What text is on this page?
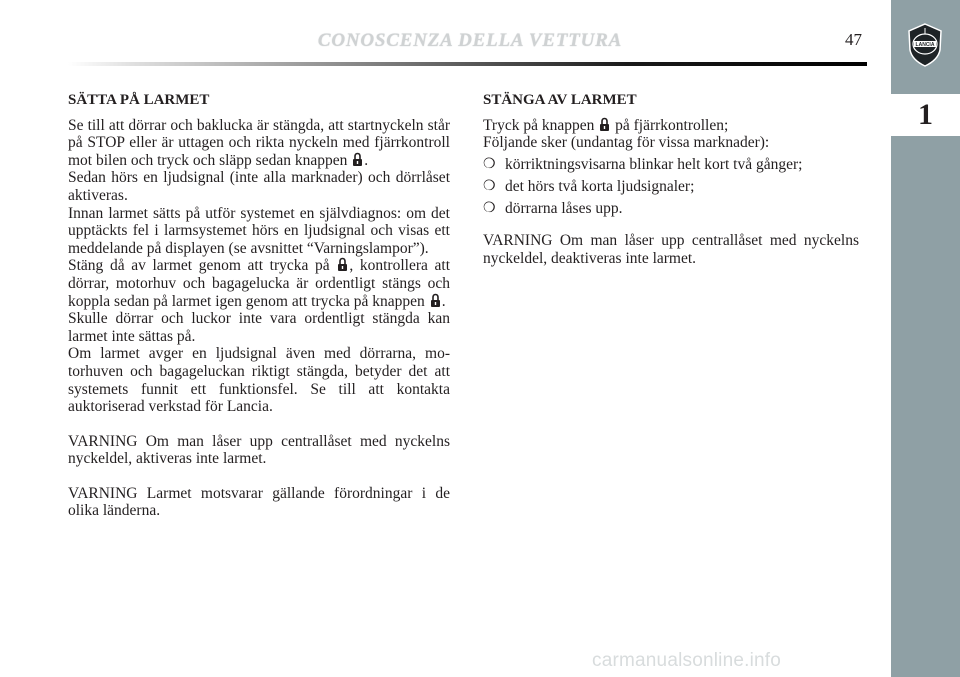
LANCIA
1
CONOSCENZA DELLA VETTURA	47
SÄTTA PÅ LARMET

Se till att dörrar och baklucka är stängda, att startnyckeln står på STOP eller är uttagen och rikta nyckeln med fjärrkontroll mot bilen och tryck och släpp sedan knappen .

Sedan hörs en ljudsignal (inte alla marknader) och dörrlåset aktiveras.

Innan larmet sätts på utför systemet en självdiagnos: om det upptäckts fel i larmsystemet hörs en ljudsignal och visas ett meddelande på displayen (se avsnittet “Varningslampor”).

Stäng då av larmet genom att trycka på , kontrollera att dörrar, motorhuv och bagagelucka är ordentligt stängs och koppla sedan på larmet igen genom att trycka på knappen .

Skulle dörrar och luckor inte vara ordentligt stängda kan larmet inte sättas på.

Om larmet avger en ljudsignal även med dörrarna, motorhuven och bagageluckan riktigt stängda, betyder det att systemets funnit ett funktionsfel. Se till att kontakta auktoriserad verkstad för Lancia.

VARNING Om man låser upp centrallåset med nyckelns nyckeldel, aktiveras inte larmet.

VARNING Larmet motsvarar gällande förordningar i de olika länderna.

STÄNGA AV LARMET

Tryck på knappen på fjärrkontrollen;

Följande sker (undantag för vissa marknader):

❍ körriktningsvisarna blinkar helt kort två gånger;
❍ det hörs två korta ljudsignaler;
❍ dörrarna låses upp.

VARNING Om man låser upp centrallåset med nyckelns nyckeldel, deaktiveras inte larmet.

carmanualsonline.info
